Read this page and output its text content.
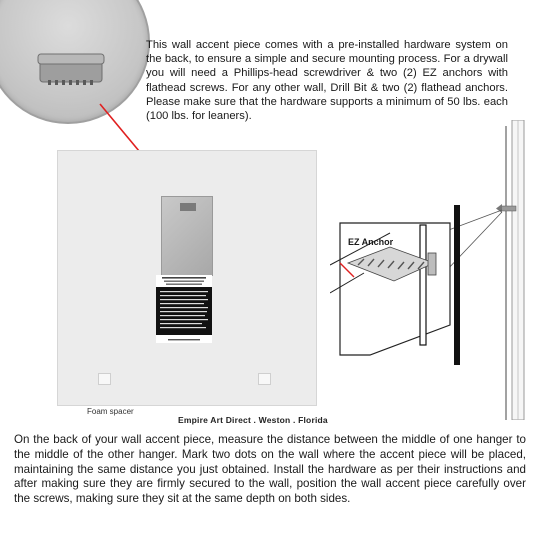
This wall accent piece comes with a pre-installed hardware system on the back, to ensure a simple and secure mounting process. For a drywall you will need a Phillips-head screwdriver & two (2) EZ anchors with flathead screws. For any other wall, Drill Bit & two (2) flathead anchors. Please make sure that the hardware supports a minimum of 50 lbs. each (100 lbs. for leaners).
Foam spacer
Empire Art Direct . Weston . Florida
EZ Anchor
On the back of your wall accent piece, measure the distance between the middle of one hanger to the middle of the other hanger. Mark two dots on the wall where the accent piece will be placed, maintaining the same distance you just obtained. Install the hardware as per their instructions and after making sure they are firmly secured to the wall, position the wall accent piece carefully over the screws, making sure they sit at the same depth on both sides.
